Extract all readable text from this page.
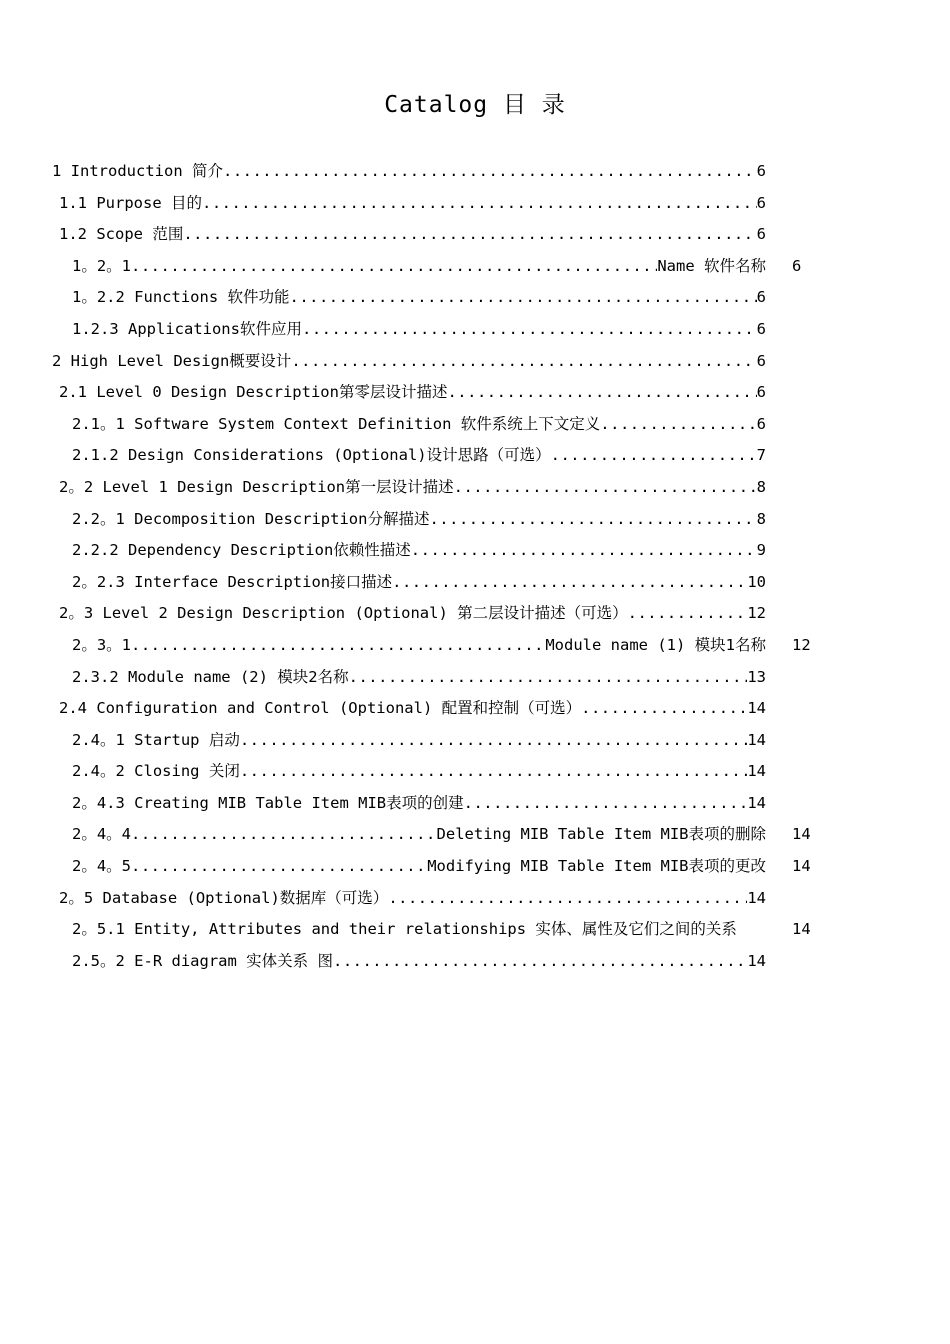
Catalog 目 录
1 Introduction 简介 .....	6
1.1 Purpose 目的 .....	6
1.2 Scope 范围 .....	6
1。2。1 .....	Name 软件名称 6
1。2.2 Functions 软件功能 .....	6
1.2.3 Applications软件应用 .....	6
2 High Level Design概要设计 .....	6
2.1 Level 0 Design Description第零层设计描述 .....	6
2.1。1 Software System Context Definition 软件系统上下文定义 .....	6
2.1.2 Design Considerations (Optional)设计思路（可选） .....	7
2。2 Level 1 Design Description第一层设计描述 .....	8
2.2。1 Decomposition Description分解描述 .....	8
2.2.2 Dependency Description依赖性描述 .....	9
2。2.3 Interface Description接口描述 .....	10
2。3 Level 2 Design Description (Optional) 第二层设计描述（可选） .....	12
2。3。1 .....	Module name (1) 模块1名称 12
2.3.2 Module name (2) 模块2名称 .....	13
2.4 Configuration and Control (Optional) 配置和控制（可选） .....	14
2.4。1 Startup 启动 .....	14
2.4。2 Closing 关闭 .....	14
2。4.3 Creating MIB Table Item MIB表项的创建 .....	14
2。4。4 .....	Deleting MIB Table Item MIB表项的删除 14
2。4。5 .....	Modifying MIB Table Item MIB表项的更改 14
2。5 Database (Optional)数据库（可选） .....	14
2。5.1 Entity, Attributes and their relationships 实体、属性及它们之间的关系	14
2.5。2 E-R diagram 实体关系 图 .....	14
